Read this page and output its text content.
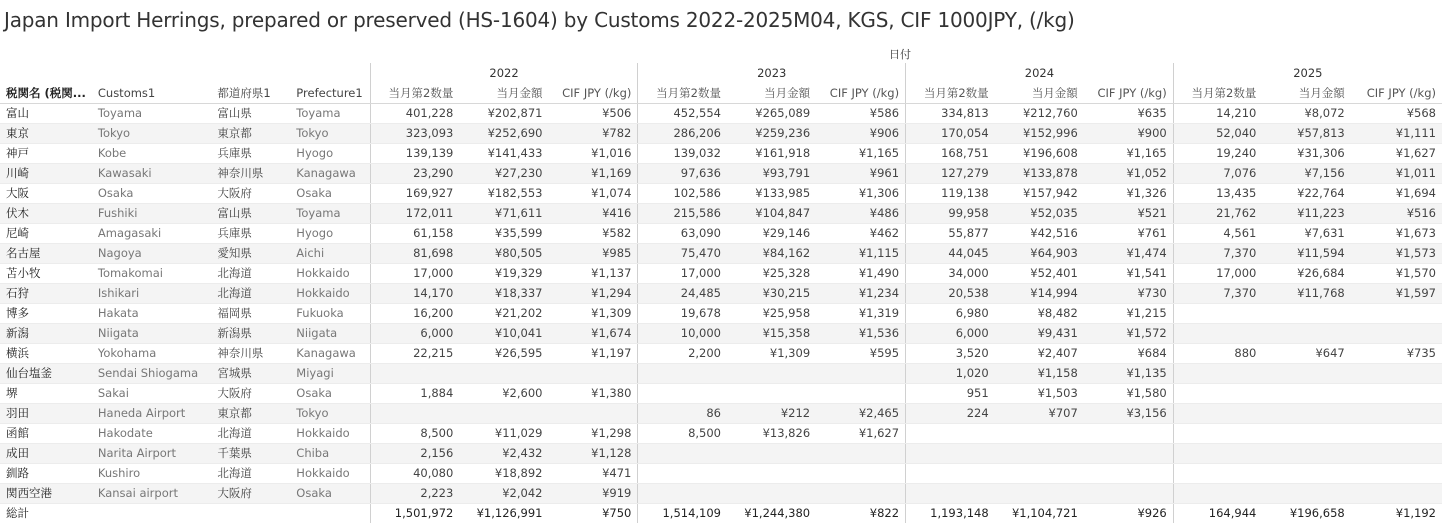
Japan Import Herrings, prepared or preserved (HS-1604) by Customs 2022-2025M04, KGS, CIF 1000JPY, (/kg)
日付
				2022			2023			2024			2025		
税関名 (税関...	Customs1	都道府県1	Prefecture1	当月第2数量	当月金額	CIF JPY (/kg)	当月第2数量	当月金額	CIF JPY (/kg)	当月第2数量	当月金額	CIF JPY (/kg)	当月第2数量	当月金額	CIF JPY (/kg)
富山	Toyama	富山県	Toyama	401,228	¥202,871	¥506	452,554	¥265,089	¥586	334,813	¥212,760	¥635	14,210	¥8,072	¥568
東京	Tokyo	東京都	Tokyo	323,093	¥252,690	¥782	286,206	¥259,236	¥906	170,054	¥152,996	¥900	52,040	¥57,813	¥1,111
神戸	Kobe	兵庫県	Hyogo	139,139	¥141,433	¥1,016	139,032	¥161,918	¥1,165	168,751	¥196,608	¥1,165	19,240	¥31,306	¥1,627
川崎	Kawasaki	神奈川県	Kanagawa	23,290	¥27,230	¥1,169	97,636	¥93,791	¥961	127,279	¥133,878	¥1,052	7,076	¥7,156	¥1,011
大阪	Osaka	大阪府	Osaka	169,927	¥182,553	¥1,074	102,586	¥133,985	¥1,306	119,138	¥157,942	¥1,326	13,435	¥22,764	¥1,694
伏木	Fushiki	富山県	Toyama	172,011	¥71,611	¥416	215,586	¥104,847	¥486	99,958	¥52,035	¥521	21,762	¥11,223	¥516
尼崎	Amagasaki	兵庫県	Hyogo	61,158	¥35,599	¥582	63,090	¥29,146	¥462	55,877	¥42,516	¥761	4,561	¥7,631	¥1,673
名古屋	Nagoya	愛知県	Aichi	81,698	¥80,505	¥985	75,470	¥84,162	¥1,115	44,045	¥64,903	¥1,474	7,370	¥11,594	¥1,573
苫小牧	Tomakomai	北海道	Hokkaido	17,000	¥19,329	¥1,137	17,000	¥25,328	¥1,490	34,000	¥52,401	¥1,541	17,000	¥26,684	¥1,570
石狩	Ishikari	北海道	Hokkaido	14,170	¥18,337	¥1,294	24,485	¥30,215	¥1,234	20,538	¥14,994	¥730	7,370	¥11,768	¥1,597
博多	Hakata	福岡県	Fukuoka	16,200	¥21,202	¥1,309	19,678	¥25,958	¥1,319	6,980	¥8,482	¥1,215			
新潟	Niigata	新潟県	Niigata	6,000	¥10,041	¥1,674	10,000	¥15,358	¥1,536	6,000	¥9,431	¥1,572			
横浜	Yokohama	神奈川県	Kanagawa	22,215	¥26,595	¥1,197	2,200	¥1,309	¥595	3,520	¥2,407	¥684	880	¥647	¥735
仙台塩釜	Sendai Shiogama	宮城県	Miyagi							1,020	¥1,158	¥1,135			
堺	Sakai	大阪府	Osaka	1,884	¥2,600	¥1,380				951	¥1,503	¥1,580			
羽田	Haneda Airport	東京都	Tokyo				86	¥212	¥2,465	224	¥707	¥3,156			
函館	Hakodate	北海道	Hokkaido	8,500	¥11,029	¥1,298	8,500	¥13,826	¥1,627						
成田	Narita Airport	千葉県	Chiba	2,156	¥2,432	¥1,128									
釧路	Kushiro	北海道	Hokkaido	40,080	¥18,892	¥471									
関西空港	Kansai airport	大阪府	Osaka	2,223	¥2,042	¥919									
総計				1,501,972	¥1,126,991	¥750	1,514,109	¥1,244,380	¥822	1,193,148	¥1,104,721	¥926	164,944	¥196,658	¥1,192
